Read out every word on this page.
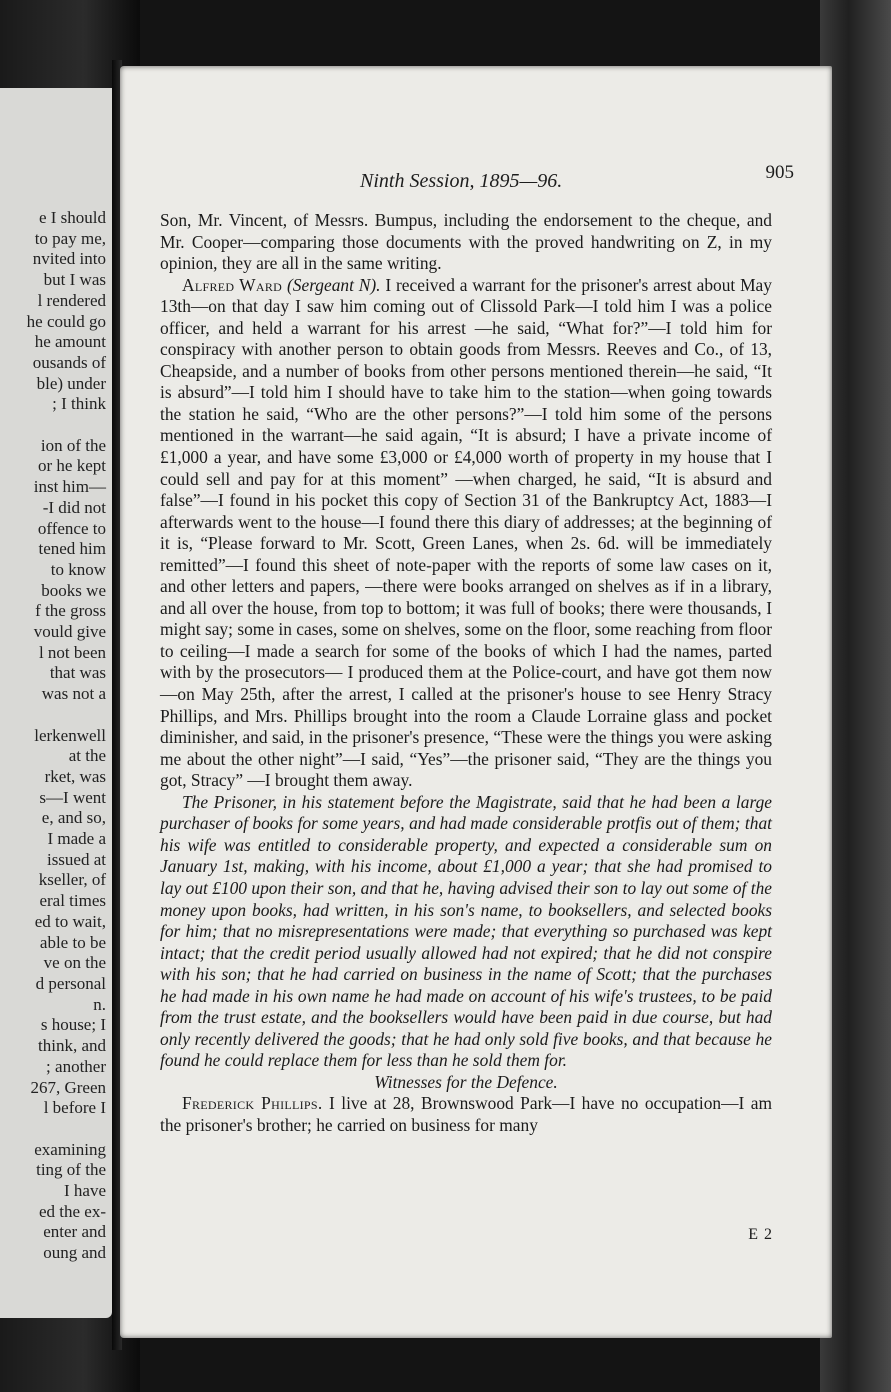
e I should
to pay me,
nvited into
but I was
l rendered
he could go
he amount
ousands of
ble) under
; I think

ion of the
or he kept
inst him—
-I did not
offence to
tened him
to know
books we
f the gross
vould give
l not been
that was
was not a

lerkenwell
at the
rket, was
s—I went
e, and so,
I made a
issued at
kseller, of
eral times
ed to wait,
able to be
ve on the
d personal
n.
s house; I
think, and
; another
267, Green
l before I

examining
ting of the
I have
ed the ex-
enter and
oung and
Ninth Session, 1895—96.	905

Son, Mr. Vincent, of Messrs. Bumpus, including the endorsement to the cheque, and Mr. Cooper—comparing those documents with the proved handwriting on Z, in my opinion, they are all in the same writing.

Alfred Ward (Sergeant N). I received a warrant for the prisoner's arrest about May 13th—on that day I saw him coming out of Clissold Park—I told him I was a police officer, and held a warrant for his arrest —he said, “What for?”—I told him for conspiracy with another person to obtain goods from Messrs. Reeves and Co., of 13, Cheapside, and a number of books from other persons mentioned therein—he said, “It is absurd”—I told him I should have to take him to the station—when going towards the station he said, “Who are the other persons?”—I told him some of the persons mentioned in the warrant—he said again, “It is absurd; I have a private income of £1,000 a year, and have some £3,000 or £4,000 worth of property in my house that I could sell and pay for at this moment” —when charged, he said, “It is absurd and false”—I found in his pocket this copy of Section 31 of the Bankruptcy Act, 1883—I afterwards went to the house—I found there this diary of addresses; at the beginning of it is, “Please forward to Mr. Scott, Green Lanes, when 2s. 6d. will be immediately remitted”—I found this sheet of note-paper with the reports of some law cases on it, and other letters and papers, —there were books arranged on shelves as if in a library, and all over the house, from top to bottom; it was full of books; there were thousands, I might say; some in cases, some on shelves, some on the floor, some reaching from floor to ceiling—I made a search for some of the books of which I had the names, parted with by the prosecutors— I produced them at the Police-court, and have got them now—on May 25th, after the arrest, I called at the prisoner's house to see Henry Stracy Phillips, and Mrs. Phillips brought into the room a Claude Lorraine glass and pocket diminisher, and said, in the prisoner's presence, “These were the things you were asking me about the other night”—I said, “Yes”—the prisoner said, “They are the things you got, Stracy” —I brought them away.

The Prisoner, in his statement before the Magistrate, said that he had been a large purchaser of books for some years, and had made considerable protfis out of them; that his wife was entitled to considerable property, and expected a considerable sum on January 1st, making, with his income, about £1,000 a year; that she had promised to lay out £100 upon their son, and that he, having advised their son to lay out some of the money upon books, had written, in his son's name, to booksellers, and selected books for him; that no misrepresentations were made; that everything so purchased was kept intact; that the credit period usually allowed had not expired; that he did not conspire with his son; that he had carried on business in the name of Scott; that the purchases he had made in his own name he had made on account of his wife's trustees, to be paid from the trust estate, and the booksellers would have been paid in due course, but had only recently delivered the goods; that he had only sold five books, and that because he found he could replace them for less than he sold them for.

Witnesses for the Defence.

Frederick Phillips. I live at 28, Brownswood Park—I have no occupation—I am the prisoner's brother; he carried on business for many

E 2
